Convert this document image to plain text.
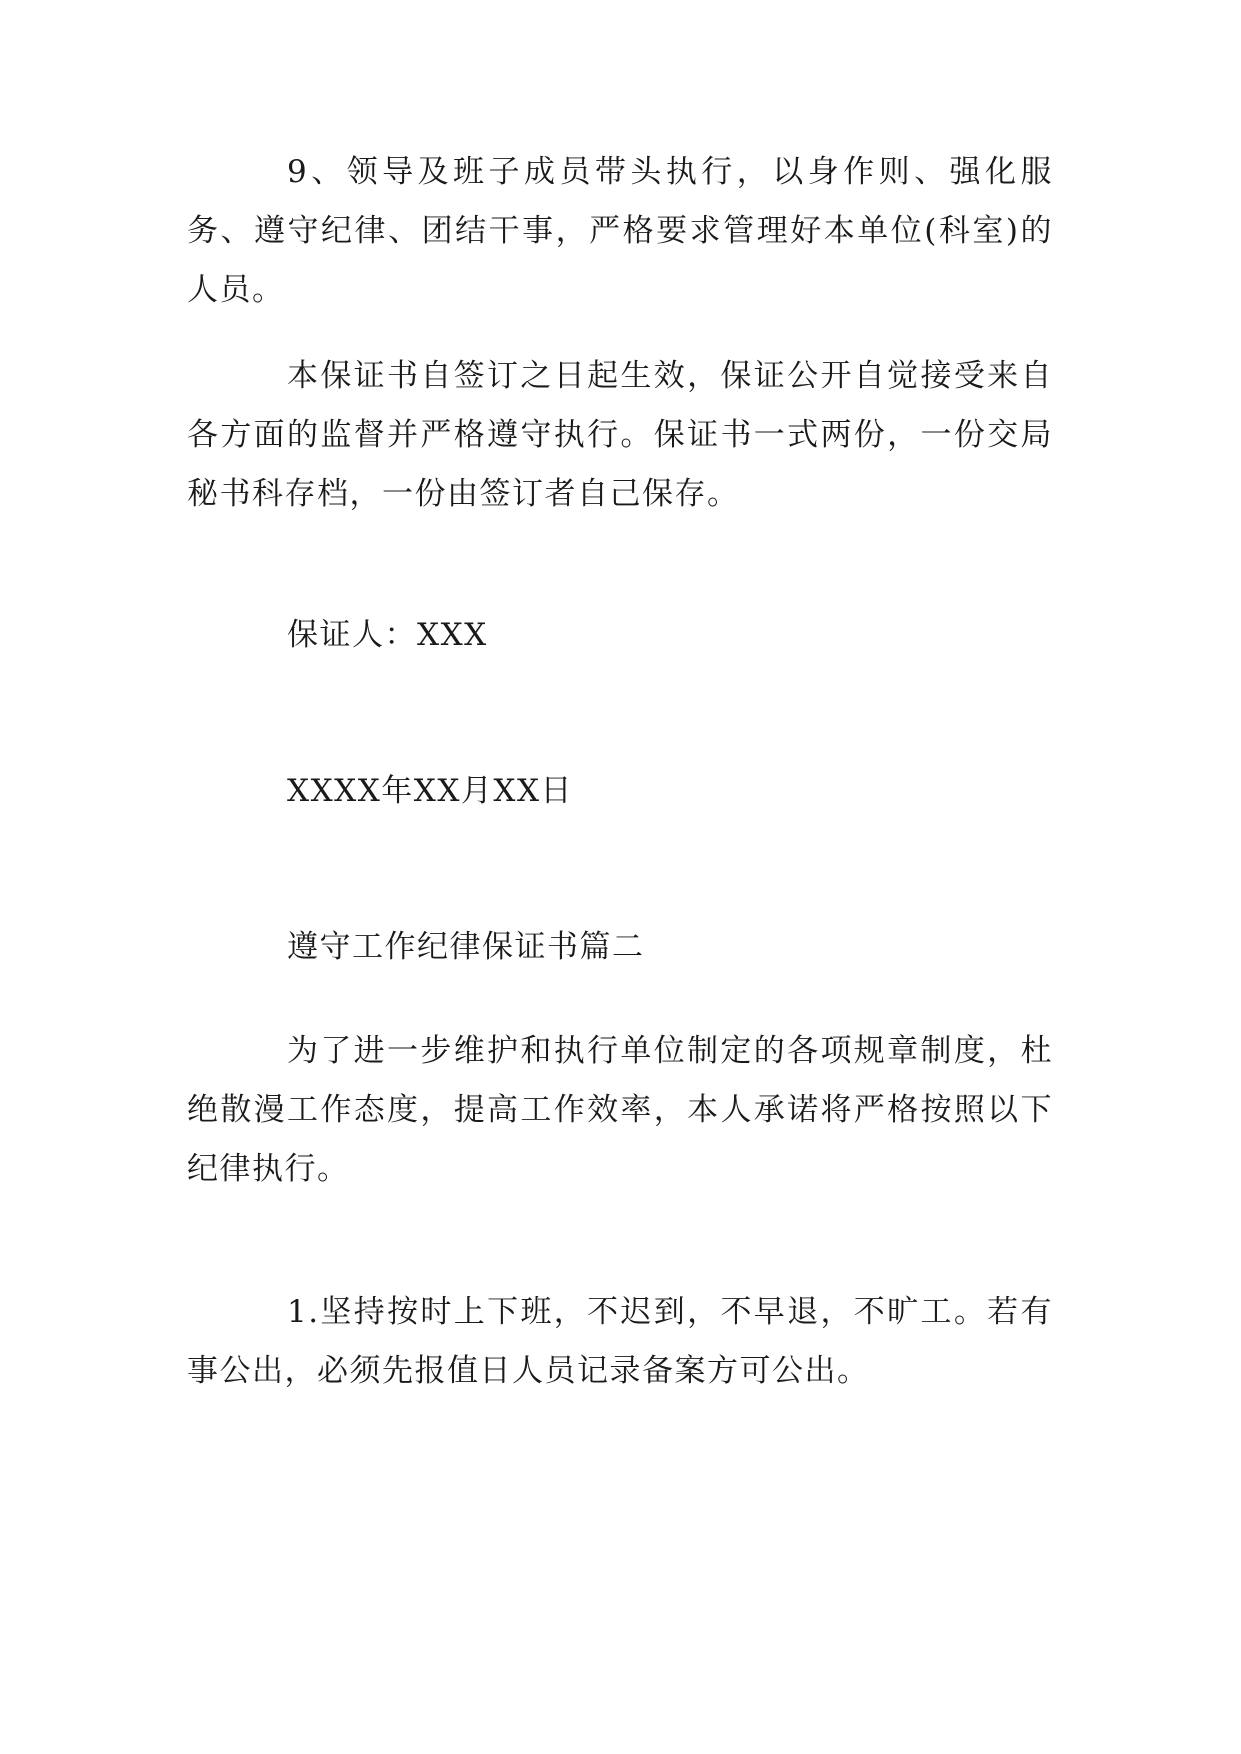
9、领导及班子成员带头执行，以身作则、强化服务、遵守纪律、团结干事，严格要求管理好本单位(科室)的人员。

本保证书自签订之日起生效，保证公开自觉接受来自各方面的监督并严格遵守执行。保证书一式两份，一份交局秘书科存档，一份由签订者自己保存。

保证人：XXX

XXXX年XX月XX日

遵守工作纪律保证书篇二

为了进一步维护和执行单位制定的各项规章制度，杜绝散漫工作态度，提高工作效率，本人承诺将严格按照以下纪律执行。

1.坚持按时上下班，不迟到，不早退，不旷工。若有事公出，必须先报值日人员记录备案方可公出。
